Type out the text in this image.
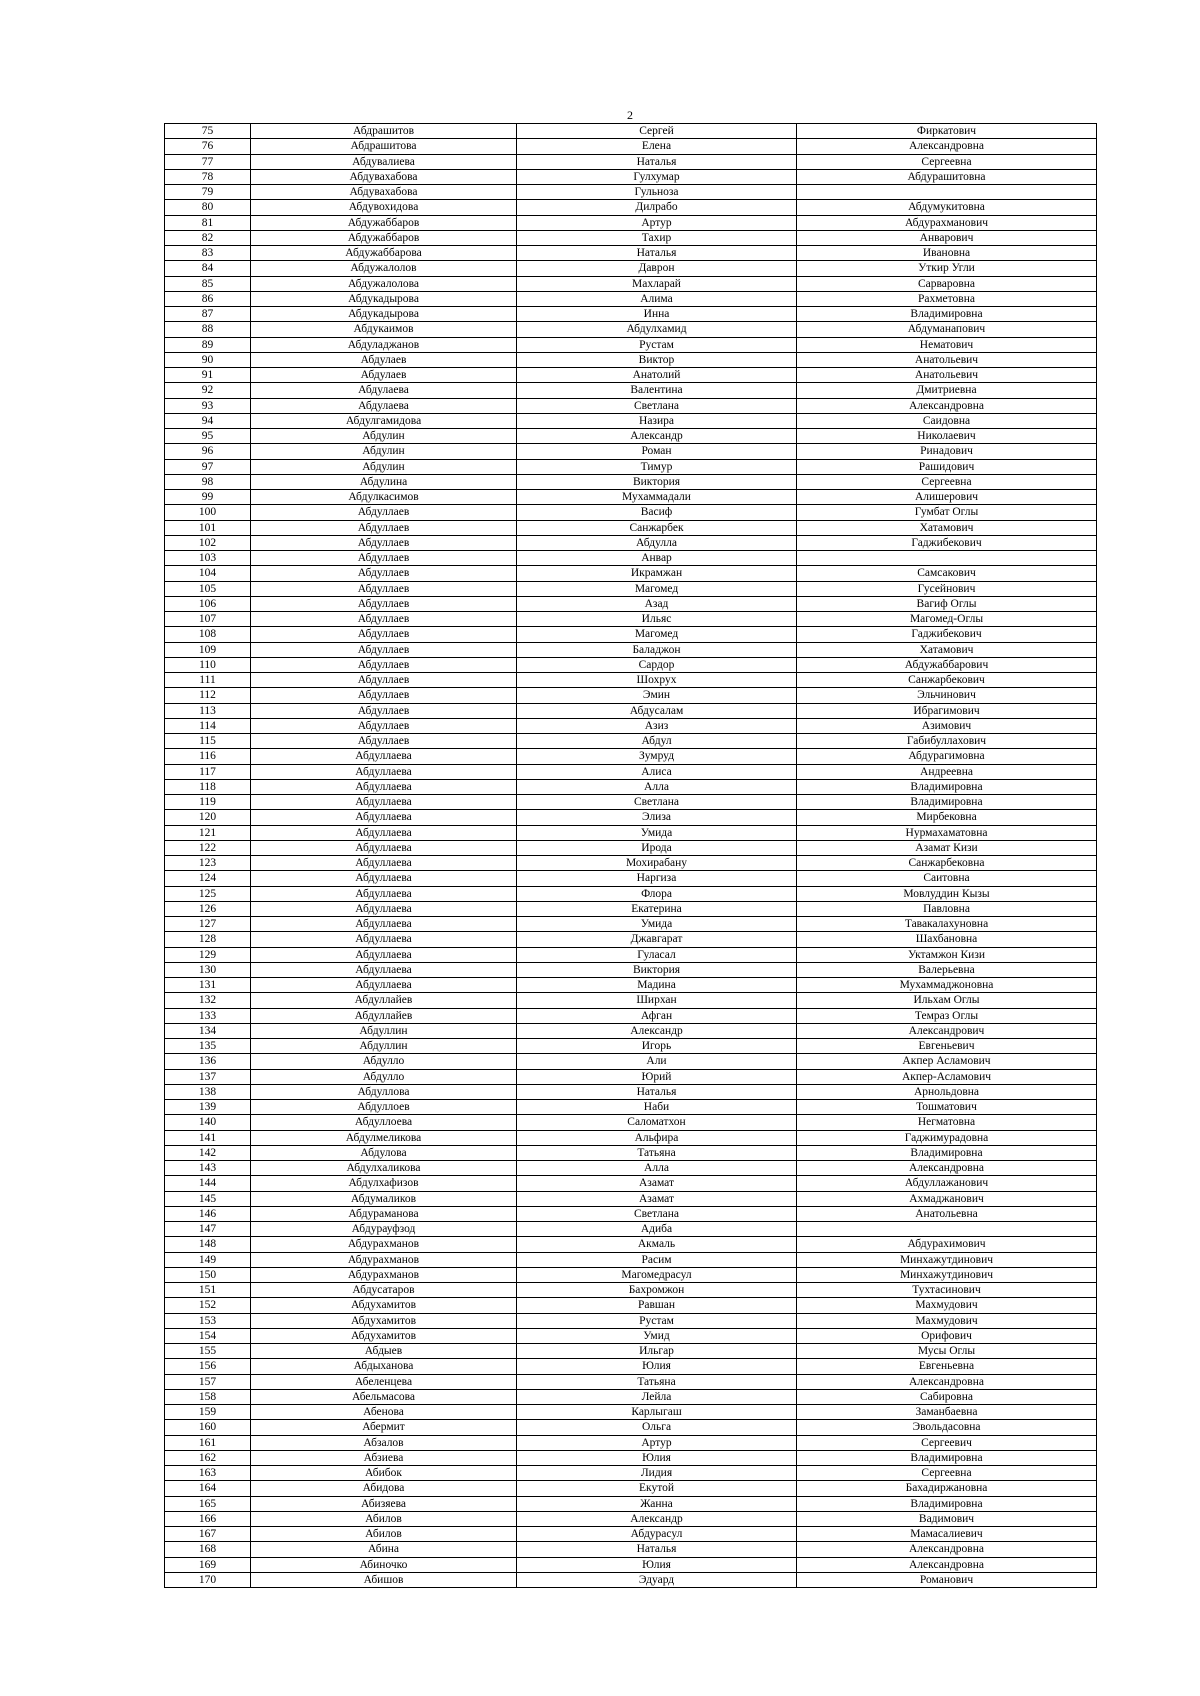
2
75	Абдрашитов	Сергей	Фиркатович
76	Абдрашитова	Елена	Александровна
77	Абдувалиева	Наталья	Сергеевна
78	Абдувахабова	Гулхумар	Абдурашитовна
79	Абдувахабова	Гульноза	
80	Абдувохидова	Дилрабо	Абдумукитовна
81	Абдужаббаров	Артур	Абдурахманович
82	Абдужаббаров	Тахир	Анварович
83	Абдужаббарова	Наталья	Ивановна
84	Абдужалолов	Даврон	Уткир Угли
85	Абдужалолова	Махларай	Сарваровна
86	Абдукадырова	Алима	Рахметовна
87	Абдукадырова	Инна	Владимировна
88	Абдукаимов	Абдулхамид	Абдуманапович
89	Абдуладжанов	Рустам	Нематович
90	Абдулаев	Виктор	Анатольевич
91	Абдулаев	Анатолий	Анатольевич
92	Абдулаева	Валентина	Дмитриевна
93	Абдулаева	Светлана	Александровна
94	Абдулгамидова	Назира	Саидовна
95	Абдулин	Александр	Николаевич
96	Абдулин	Роман	Ринадович
97	Абдулин	Тимур	Рашидович
98	Абдулина	Виктория	Сергеевна
99	Абдулкасимов	Мухаммадали	Алишерович
100	Абдуллаев	Васиф	Гумбат Оглы
101	Абдуллаев	Санжарбек	Хатамович
102	Абдуллаев	Абдулла	Гаджибекович
103	Абдуллаев	Анвар	
104	Абдуллаев	Икрамжан	Самсакович
105	Абдуллаев	Магомед	Гусейнович
106	Абдуллаев	Азад	Вагиф Оглы
107	Абдуллаев	Ильяс	Магомед-Оглы
108	Абдуллаев	Магомед	Гаджибекович
109	Абдуллаев	Баладжон	Хатамович
110	Абдуллаев	Сардор	Абдужаббарович
111	Абдуллаев	Шохрух	Санжарбекович
112	Абдуллаев	Эмин	Эльчинович
113	Абдуллаев	Абдусалам	Ибрагимович
114	Абдуллаев	Азиз	Азимович
115	Абдуллаев	Абдул	Габибуллахович
116	Абдуллаева	Зумруд	Абдурагимовна
117	Абдуллаева	Алиса	Андреевна
118	Абдуллаева	Алла	Владимировна
119	Абдуллаева	Светлана	Владимировна
120	Абдуллаева	Элиза	Мирбековна
121	Абдуллаева	Умида	Нурмахаматовна
122	Абдуллаева	Ирода	Азамат Кизи
123	Абдуллаева	Мохирабану	Санжарбековна
124	Абдуллаева	Наргиза	Саитовна
125	Абдуллаева	Флора	Мовлуддин Кызы
126	Абдуллаева	Екатерина	Павловна
127	Абдуллаева	Умида	Тавакалахуновна
128	Абдуллаева	Джавгарат	Шахбановна
129	Абдуллаева	Гуласал	Уктамжон Кизи
130	Абдуллаева	Виктория	Валерьевна
131	Абдуллаева	Мадина	Мухаммаджоновна
132	Абдуллайев	Ширхан	Ильхам Оглы
133	Абдуллайев	Афган	Темраз Оглы
134	Абдуллин	Александр	Александрович
135	Абдуллин	Игорь	Евгеньевич
136	Абдулло	Али	Акпер Асламович
137	Абдулло	Юрий	Акпер-Асламович
138	Абдуллова	Наталья	Арнольдовна
139	Абдуллоев	Наби	Тошматович
140	Абдуллоева	Саломатхон	Негматовна
141	Абдулмеликова	Альфира	Гаджимурадовна
142	Абдулова	Татьяна	Владимировна
143	Абдулхаликова	Алла	Александровна
144	Абдулхафизов	Азамат	Абдуллажанович
145	Абдумаликов	Азамат	Ахмаджанович
146	Абдураманова	Светлана	Анатольевна
147	Абдурауфзод	Адиба	
148	Абдурахманов	Акмаль	Абдурахимович
149	Абдурахманов	Расим	Минхажутдинович
150	Абдурахманов	Магомедрасул	Минхажутдинович
151	Абдусатаров	Бахромжон	Тухтасинович
152	Абдухамитов	Равшан	Махмудович
153	Абдухамитов	Рустам	Махмудович
154	Абдухамитов	Умид	Орифович
155	Абдыев	Ильгар	Мусы Оглы
156	Абдыханова	Юлия	Евгеньевна
157	Абеленцева	Татьяна	Александровна
158	Абельмасова	Лейла	Сабировна
159	Абенова	Карлыгаш	Заманбаевна
160	Абермит	Ольга	Эвольдасовна
161	Абзалов	Артур	Сергеевич
162	Абзиева	Юлия	Владимировна
163	Абибок	Лидия	Сергеевна
164	Абидова	Екутой	Бахадиржановна
165	Абизяева	Жанна	Владимировна
166	Абилов	Александр	Вадимович
167	Абилов	Абдурасул	Мамасалиевич
168	Абина	Наталья	Александровна
169	Абиночко	Юлия	Александровна
170	Абишов	Эдуард	Романович
